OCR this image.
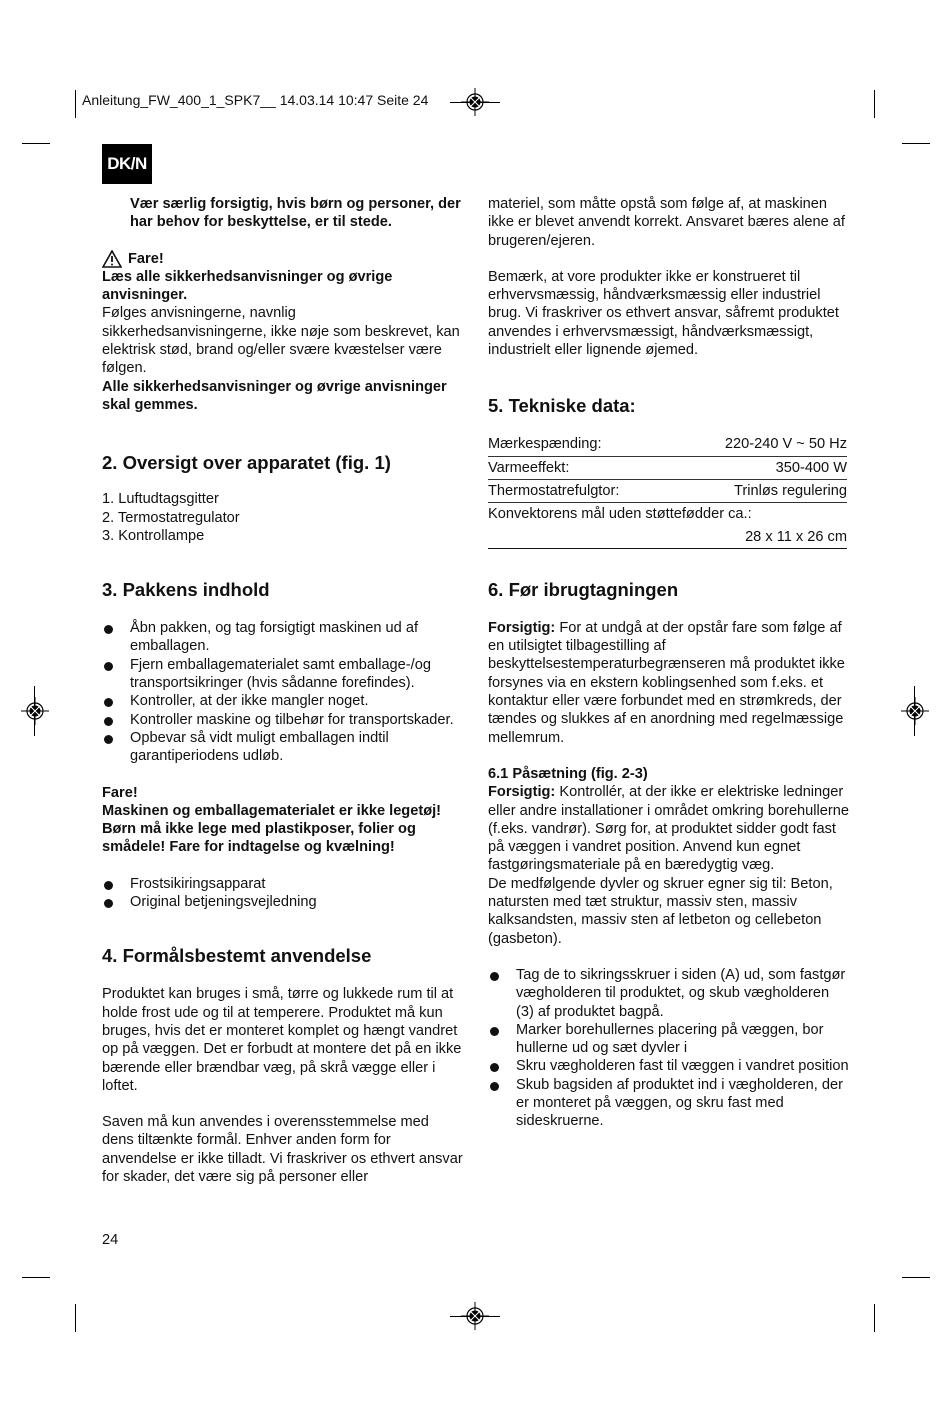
Anleitung_FW_400_1_SPK7__ 14.03.14 10:47 Seite 24
DK/N

Vær særlig forsigtig, hvis børn og personer, der har behov for beskyttelse, er til stede.

Fare!

Læs alle sikkerhedsanvisninger og øvrige anvisninger.

Følges anvisningerne, navnlig sikkerhedsanvisningerne, ikke nøje som beskrevet, kan elektrisk stød, brand og/eller svære kvæstelser være følgen.

Alle sikkerhedsanvisninger og øvrige anvisninger skal gemmes.

2. Oversigt over apparatet (fig. 1)

1. Luftudtagsgitter

2. Termostatregulator

3. Kontrollampe

3. Pakkens indhold
Åbn pakken, og tag forsigtigt maskinen ud af emballagen.
Fjern emballagematerialet samt emballage-/og transportsikringer (hvis sådanne forefindes).
Kontroller, at der ikke mangler noget.
Kontroller maskine og tilbehør for transportskader.
Opbevar så vidt muligt emballagen indtil garantiperiodens udløb.

Fare!

Maskinen og emballagematerialet er ikke legetøj! Børn må ikke lege med plastikposer, folier og smådele! Fare for indtagelse og kvælning!

Frostsikiringsapparat
Original betjeningsvejledning
4. Formålsbestemt anvendelse

Produktet kan bruges i små, tørre og lukkede rum til at holde frost ude og til at temperere. Produktet må kun bruges, hvis det er monteret komplet og hængt vandret op på væggen. Det er forbudt at montere det på en ikke bærende eller brændbar væg, på skrå vægge eller i loftet.

Saven må kun anvendes i overensstemmelse med dens tiltænkte formål. Enhver anden form for anvendelse er ikke tilladt. Vi fraskriver os ethvert ansvar for skader, det være sig på personer eller

materiel, som måtte opstå som følge af, at maskinen ikke er blevet anvendt korrekt. Ansvaret bæres alene af brugeren/ejeren.

Bemærk, at vore produkter ikke er konstrueret til erhvervsmæssig, håndværksmæssig eller industriel brug. Vi fraskriver os ethvert ansvar, såfremt produktet anvendes i erhvervsmæssigt, håndværksmæssigt, industrielt eller lignende øjemed.

5. Tekniske data:
Mærkespænding:	220-240 V ~ 50 Hz
Varmeeffekt:	350-400 W
Thermostatrefulgtor:	Trinløs regulering
Konvektorens mål uden støttefødder ca.:	
28 x 11 x 26 cm	
6. Før ibrugtagningen

Forsigtig: For at undgå at der opstår fare som følge af en utilsigtet tilbagestilling af beskyttelsestemperaturbegrænseren må produktet ikke forsynes via en ekstern koblingsenhed som f.eks. et kontaktur eller være forbundet med en strømkreds, der tændes og slukkes af en anordning med regelmæssige mellemrum.

6.1 Påsætning (fig. 2-3)

Forsigtig: Kontrollér, at der ikke er elektriske ledninger eller andre installationer i området omkring borehullerne (f.eks. vandrør). Sørg for, at produktet sidder godt fast på væggen i vandret position. Anvend kun egnet fastgøringsmateriale på en bæredygtig væg.

De medfølgende dyvler og skruer egner sig til: Beton, natursten med tæt struktur, massiv sten, massiv kalksandsten, massiv sten af letbeton og cellebeton (gasbeton).

Tag de to sikringsskruer i siden (A) ud, som fastgør vægholderen til produktet, og skub vægholderen (3) af produktet bagpå.
Marker borehullernes placering på væggen, bor hullerne ud og sæt dyvler i
Skru vægholderen fast til væggen i vandret position
Skub bagsiden af produktet ind i vægholderen, der er monteret på væggen, og skru fast med sideskruerne.
24
